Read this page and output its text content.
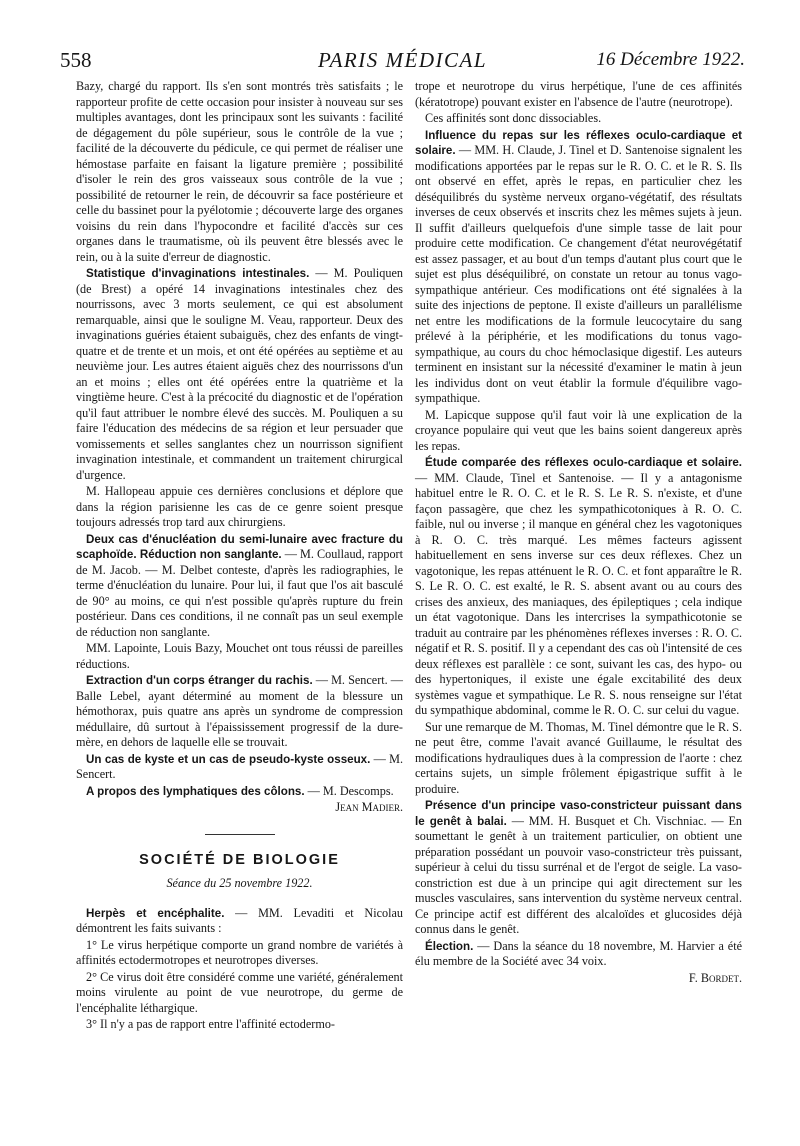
558	PARIS MÉDICAL	16 Décembre 1922.

Bazy, chargé du rapport. Ils s'en sont montrés très satisfaits ; le rapporteur profite de cette occasion pour insister à nouveau sur ses multiples avantages, dont les principaux sont les suivants : facilité de dégagement du pôle supérieur, sous le contrôle de la vue ; facilité de la découverte du pédicule, ce qui permet de réaliser une hémostase parfaite en faisant la ligature première ; possibilité d'isoler le rein des gros vaisseaux sous contrôle de la vue ; possibilité de retourner le rein, de découvrir sa face postérieure et celle du bassinet pour la pyélotomie ; découverte large des organes voisins du rein dans l'hypocondre et facilité d'accès sur ces organes dans le traumatisme, où ils peuvent être blessés avec le rein, ou à la suite d'erreur de diagnostic.

Statistique d'invaginations intestinales. — M. Pouliquen (de Brest) a opéré 14 invaginations intestinales chez des nourrissons, avec 3 morts seulement, ce qui est absolument remarquable, ainsi que le souligne M. Veau, rapporteur. Deux des invaginations guéries étaient subaiguës, chez des enfants de vingt-quatre et de trente et un mois, et ont été opérées au septième et au neuvième jour. Les autres étaient aiguës chez des nourrissons d'un an et moins ; elles ont été opérées entre la quatrième et la vingtième heure. C'est à la précocité du diagnostic et de l'opération qu'il faut attribuer le nombre élevé des succès. M. Pouliquen a su faire l'éducation des médecins de sa région et leur persuader que vomissements et selles sanglantes chez un nourrisson signifient invagination intestinale, et commandent un traitement chirurgical d'urgence.

M. Hallopeau appuie ces dernières conclusions et déplore que dans la région parisienne les cas de ce genre soient presque toujours adressés trop tard aux chirurgiens.

Deux cas d'énucléation du semi-lunaire avec fracture du scaphoïde. Réduction non sanglante. — M. Coullaud, rapport de M. Jacob. — M. Delbet conteste, d'après les radiographies, le terme d'énucléation du lunaire. Pour lui, il faut que l'os ait basculé de 90° au moins, ce qui n'est possible qu'après rupture du frein postérieur. Dans ces conditions, il ne connaît pas un seul exemple de réduction non sanglante.

MM. Lapointe, Louis Bazy, Mouchet ont tous réussi de pareilles réductions.

Extraction d'un corps étranger du rachis. — M. Sencert. — Balle Lebel, ayant déterminé au moment de la blessure un hémothorax, puis quatre ans après un syndrome de compression médullaire, dû surtout à l'épaississement progressif de la dure-mère, en dehors de laquelle elle se trouvait.

Un cas de kyste et un cas de pseudo-kyste osseux. — M. Sencert.

A propos des lymphatiques des côlons. — M. Descomps.

Jean Madier.
SOCIÉTÉ DE BIOLOGIE
Séance du 25 novembre 1922.

Herpès et encéphalite. — MM. Levaditi et Nicolau démontrent les faits suivants :

1° Le virus herpétique comporte un grand nombre de variétés à affinités ectodermotropes et neurotropes diverses.

2° Ce virus doit être considéré comme une variété, généralement moins virulente au point de vue neurotrope, du germe de l'encéphalite léthargique.

3° Il n'y a pas de rapport entre l'affinité ectodermo-

trope et neurotrope du virus herpétique, l'une de ces affinités (kératotrope) pouvant exister en l'absence de l'autre (neurotrope).

Ces affinités sont donc dissociables.

Influence du repas sur les réflexes oculo-cardiaque et solaire. — MM. H. Claude, J. Tinel et D. Santenoise signalent les modifications apportées par le repas sur le R. O. C. et le R. S. Ils ont observé en effet, après le repas, en particulier chez les déséquilibrés du système nerveux organo-végétatif, des résultats inverses de ceux observés et inscrits chez les mêmes sujets à jeun. Il suffit d'ailleurs quelquefois d'une simple tasse de lait pour produire cette modification. Ce changement d'état neurovégétatif est assez passager, et au bout d'un temps d'autant plus court que le sujet est plus déséquilibré, on constate un retour au tonus vago-sympathique antérieur. Ces modifications ont été signalées à la suite des injections de peptone. Il existe d'ailleurs un parallélisme net entre les modifications de la formule leucocytaire du sang prélevé à la périphérie, et les modifications du tonus vago-sympathique, au cours du choc hémoclasique digestif. Les auteurs terminent en insistant sur la nécessité d'examiner le matin à jeun les individus dont on veut établir la formule d'équilibre vago-sympathique.

M. Lapicque suppose qu'il faut voir là une explication de la croyance populaire qui veut que les bains soient dangereux après les repas.

Étude comparée des réflexes oculo-cardiaque et solaire. — MM. Claude, Tinel et Santenoise. — Il y a antagonisme habituel entre le R. O. C. et le R. S. Le R. S. n'existe, et d'une façon passagère, que chez les sympathicotoniques à R. O. C. faible, nul ou inverse ; il manque en général chez les vagotoniques à R. O. C. très marqué. Les mêmes facteurs agissent habituellement en sens inverse sur ces deux réflexes. Chez un vagotonique, les repas atténuent le R. O. C. et font apparaître le R. S. Le R. O. C. est exalté, le R. S. absent avant ou au cours des crises des anxieux, des maniaques, des épileptiques ; cela indique un état vagotonique. Dans les intercrises la sympathicotonie se traduit au contraire par les phénomènes réflexes inverses : R. O. C. négatif et R. S. positif. Il y a cependant des cas où l'intensité de ces deux réflexes est parallèle : ce sont, suivant les cas, des hypo- ou des hypertoniques, il existe une égale excitabilité des deux systèmes vague et sympathique. Le R. S. nous renseigne sur l'état du sympathique abdominal, comme le R. O. C. sur celui du vague.

Sur une remarque de M. Thomas, M. Tinel démontre que le R. S. ne peut être, comme l'avait avancé Guillaume, le résultat des modifications hydrauliques dues à la compression de l'aorte : chez certains sujets, un simple frôlement épigastrique suffit à le produire.

Présence d'un principe vaso-constricteur puissant dans le genêt à balai. — MM. H. Busquet et Ch. Vischniac. — En soumettant le genêt à un traitement particulier, on obtient une préparation possédant un pouvoir vaso-constricteur très puissant, supérieur à celui du tissu surrénal et de l'ergot de seigle. La vaso-constriction est due à un principe qui agit directement sur les muscles vasculaires, sans intervention du système nerveux central. Ce principe actif est différent des alcaloïdes et glucosides déjà connus dans le genêt.

Élection. — Dans la séance du 18 novembre, M. Harvier a été élu membre de la Société avec 34 voix.

F. Bordet.
